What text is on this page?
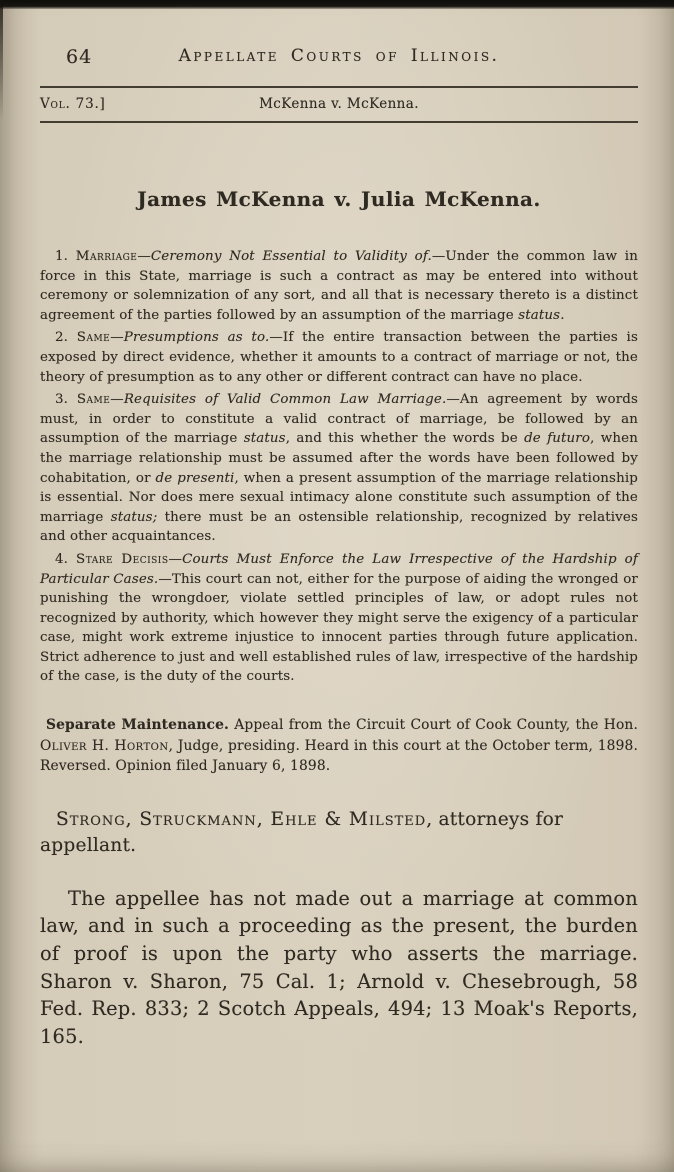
64	Appellate Courts of Illinois.
Vol. 73.]	McKenna v. McKenna.
James McKenna v. Julia McKenna.

1. Marriage—Ceremony Not Essential to Validity of.—Under the common law in force in this State, marriage is such a contract as may be entered into without ceremony or solemnization of any sort, and all that is necessary thereto is a distinct agreement of the parties followed by an assumption of the marriage status.

2. Same—Presumptions as to.—If the entire transaction between the parties is exposed by direct evidence, whether it amounts to a contract of marriage or not, the theory of presumption as to any other or different contract can have no place.

3. Same—Requisites of Valid Common Law Marriage.—An agreement by words must, in order to constitute a valid contract of marriage, be followed by an assumption of the marriage status, and this whether the words be de futuro, when the marriage relationship must be assumed after the words have been followed by cohabitation, or de presenti, when a present assumption of the marriage relationship is essential. Nor does mere sexual intimacy alone constitute such assumption of the marriage status; there must be an ostensible relationship, recognized by relatives and other acquaintances.

4. Stare Decisis—Courts Must Enforce the Law Irrespective of the Hardship of Particular Cases.—This court can not, either for the purpose of aiding the wronged or punishing the wrongdoer, violate settled principles of law, or adopt rules not recognized by authority, which however they might serve the exigency of a particular case, might work extreme injustice to innocent parties through future application. Strict adherence to just and well established rules of law, irrespective of the hardship of the case, is the duty of the courts.

Separate Maintenance. Appeal from the Circuit Court of Cook County, the Hon. Oliver H. Horton, Judge, presiding. Heard in this court at the October term, 1898. Reversed. Opinion filed January 6, 1898.

Strong, Struckmann, Ehle & Milsted, attorneys for appellant.

The appellee has not made out a marriage at common law, and in such a proceeding as the present, the burden of proof is upon the party who asserts the marriage. Sharon v. Sharon, 75 Cal. 1; Arnold v. Chesebrough, 58 Fed. Rep. 833; 2 Scotch Appeals, 494; 13 Moak's Reports, 165.
